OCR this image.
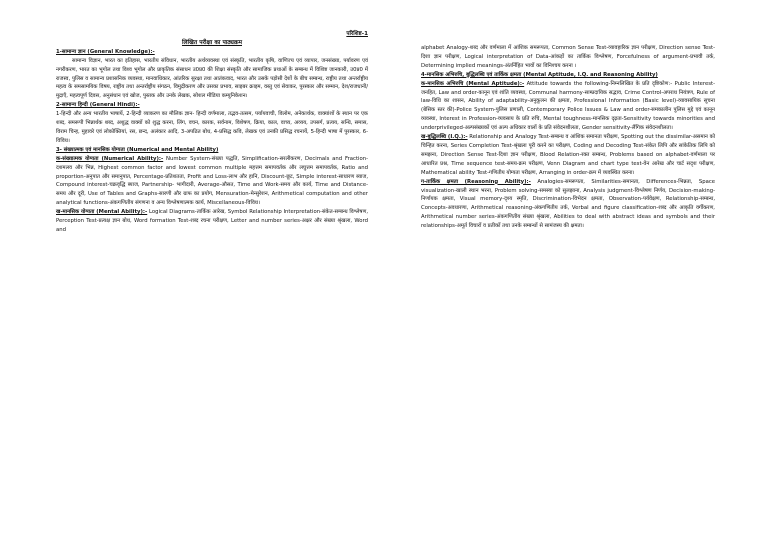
परिशिष्ट-1

लिखित परीक्षा का पाठ्यक्रम

1-सामान्य ज्ञान (General Knowledge):-

सामान्य विज्ञान, भारत का इतिहास, भारतीय संविधान, भारतीय अर्थव्यवस्था एवं संस्कृति, भारतीय कृषि, वाणिज्य एवं व्यापार, जनसंख्या, पर्यावरण एवं नगरीकरण, भारत का भूगोल तथा विश्व भूगोल और प्राकृतिक संसाधन उ0प्र0 की शिक्षा संस्कृति और सामाजिक प्रथाओं के सम्बन्ध में विशिष्ट जानकारी, उ0प्र0 में राजस्व, पुलिस व सामान्य प्रशासनिक व्यवस्था, मानवाधिकार, आंतरिक सुरक्षा तथा आतंकवाद, भारत और उसके पड़ोसी देशों के बीच सम्बन्ध, राष्ट्रीय तथा अन्तर्राष्ट्रीय महत्व के समसामयिक विषय, राष्ट्रीय तथा अन्तर्राष्ट्रीय संगठन, विमुद्रीकरण और उसका प्रभाव, साइबर क्राइम, वस्तु एवं सेवाकर, पुरस्कार और सम्मान, देश/राजधानी/मुद्राएँ, महत्वपूर्ण दिवस, अनुसंधान एवं खोज, पुस्तक और उनके लेखक, सोशल मीडिया कम्युनिकेशन।

2-सामान्य हिन्दी (General Hindi):-

1-हिन्दी और अन्य भारतीय भाषायें, 2-हिन्दी व्याकरण का मौलिक ज्ञान- हिन्दी वर्णमाला, तद्भव-तत्सम, पर्यायवाची, विलोम, अनेकार्थक, वाक्यांशों के स्थान पर एक शब्द, समरूपी भिन्नार्थक शब्द, अशुद्ध वाक्यों को शुद्ध करना, लिंग, वचन, कारक, सर्वनाम, विशेषण, क्रिया, काल, वाच्य, अव्यय, उपसर्ग, प्रत्यय, सन्धि, समास, विराम चिन्ह, मुहावरे एवं लोकोक्तियां, रस, छन्द, अलंकार आदि, 3-अपठित बोध, 4-प्रसिद्ध कवि, लेखक एवं उनकी प्रसिद्ध रचनायें, 5-हिन्दी भाषा में पुरस्कार, 6-विविध।

3- संख्यात्मक एवं मानसिक योग्यता (Numerical and Mental Ability)

क-संख्यात्मक योग्यता (Numerical Ability):- Number System-संख्या पद्धति, Simplification-सरलीकरण, Decimals and Fraction-दशमलव और भिन्न, Highest common factor and lowest common multiple महत्तम समापवर्तक और लघुत्तम समापवर्तक, Ratio and proportion-अनुपात और समानुपात, Percentage-प्रतिशतता, Profit and Loss-लाभ और हानि, Discount-छूट, Simple interest-साधारण ब्याज, Compound interest-चक्रवृद्धि ब्याज, Partnership- भागीदारी, Average-औसत, Time and Work-समय और कार्य, Time and Distance-समय और दूरी, Use of Tables and Graphs-सारणी और ग्राफ का प्रयोग, Mensuration-मेन्सुरेशन, Arithmetical computation and other analytical functions-अंकगणितीय संगणना व अन्य विश्लेषणात्मक कार्य, Miscellaneous-विविध।

ख-मानसिक योग्यता (Mental Ability):- Logical Diagrams-तार्किक आरेख, Symbol Relationship Interpretation-संकेत-सम्बन्ध विश्लेषण, Perception Test-प्रत्यक्ष ज्ञान बोध, Word formation Test-शब्द रचना परीक्षण, Letter and number series-अक्षर और संख्या श्रृंखला, Word and

alphabet Analogy-शब्द और वर्णमाला में आंशिक समरूपता, Common Sense Test-व्यावहारिक ज्ञान परीक्षण, Direction sense Test-दिशा ज्ञान परीक्षण, Logical interpretation of Data-आंकड़ों का तार्किक विश्लेषण, Forcefulness of argument-प्रभावी तर्क, Determining implied meanings-अंतर्निहित भावों का विनिश्चय करना ।

4-मानसिक अभिरुचि, बुद्धिलब्धि एवं तार्किक क्षमता (Mental Aptitude, I.Q. and Reasoning Ability)

क-मानसिक अभिरुचि (Mental Aptitude):- Attitude towards the following-निम्नलिखित के प्रति दृष्टिकोण:- Public Interest-जनहित, Law and order-कानून एवं शांति व्यवस्था, Communal harmony-साम्प्रदायिक सद्भाव, Crime Control-अपराध नियंत्रण, Rule of law-विधि का शासन, Ability of adaptability-अनुकूलन की क्षमता, Professional Information (Basic level)-व्यावसायिक सूचना (बेसिक स्तर की)-Police System-पुलिस प्रणाली, Contemporary Police Issues & Law and order-समकालीन पुलिस मुद्दे एवं कानून व्यवस्था, Interest in Profession-व्यवसाय के प्रति रुचि, Mental toughness-मानसिक दृढ़ता-Sensitivity towards minorities and underprivileged-अल्पसंख्यकों एवं अल्प अधिकार वालों के प्रति संवेदनशीलता, Gender sensitivity-लैंगिक संवेदनशीलता।

ख-बुद्धिलब्धि (I.Q.):- Relationship and Analogy Test-सम्बन्ध व आंशिक समानता परीक्षण, Spotting out the dissimilar-असमान को चिन्हित करना, Series Completion Test-श्रृंखला पूरी करने का परीक्षण, Coding and Decoding Test-संकेत लिपि और सांकेतिक लिपि को समझना, Direction Sense Test-दिशा ज्ञान परीक्षण, Blood Relation-रक्त सम्बन्ध, Problems based on alphabet-वर्णमाला पर आधारित प्रश्न, Time sequence test-समय-क्रम परीक्षण, Venn Diagram and chart type test-वेन आरेख और चार्ट सदृश परीक्षण, Mathematical ability Test-गणितीय योग्यता परीक्षण, Arranging in order-क्रम में व्यवस्थित करना।

ग-तार्किक क्षमता (Reasoning Ability):- Analogies-समरूपता, Similarities-समानता, Differences-भिन्नता, Space visualization-खाली स्थान भरना, Problem solving-समस्या को सुलझाना, Analysis judgment-विश्लेषण निर्णय, Decision-making-निर्णायक क्षमता, Visual memory-दृश्य स्मृति, Discrimination-विभेदन क्षमता, Observation-पर्यवेक्षण, Relationship-सम्बन्ध, Concepts-अवधारणा, Arithmetical reasoning-अंकगणितीय तर्क, Verbal and figure classification-शब्द और आकृति वर्गीकरण, Arithmetical number series-अंकगणितीय संख्या श्रृंखला, Abilities to deal with abstract ideas and symbols and their relationships-अमूर्त विचारों व प्रतीकों तथा उनके सम्बन्धों से सामंजस्य की क्षमता।
